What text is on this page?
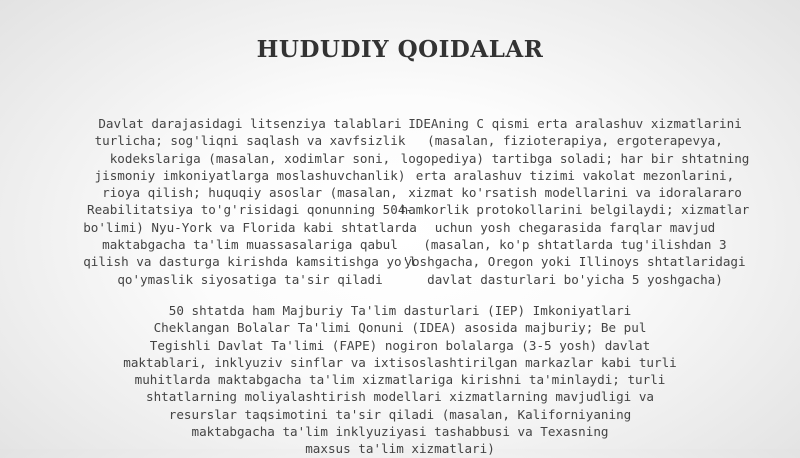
HUDUDIY QOIDALAR
Davlat darajasidagi litsenziya talablari
turlicha; sog'liqni saqlash va xavfsizlik
kodekslariga (masalan, xodimlar soni,
jismoniy imkoniyatlarga moslashuvchanlik)
rioya qilish; huquqiy asoslar (masalan,
Reabilitatsiya to'g'risidagi qonunning 504-
bo'limi) Nyu-York va Florida kabi shtatlarda
maktabgacha ta'lim muassasalariga qabul
qilish va dasturga kirishda kamsitishga yo'l
qo'ymaslik siyosatiga ta'sir qiladi
IDEAning C qismi erta aralashuv xizmatlarini
(masalan, fizioterapiya, ergoterapevya,
logopediya) tartibga soladi; har bir shtatning
erta aralashuv tizimi vakolat mezonlarini,
xizmat ko'rsatish modellarini va idoralararo
hamkorlik protokollarini belgilaydi; xizmatlar
uchun yosh chegarasida farqlar mavjud
(masalan, ko'p shtatlarda tug'ilishdan 3
yoshgacha, Oregon yoki Illinoys shtatlaridagi
davlat dasturlari bo'yicha 5 yoshgacha)
50 shtatda ham Majburiy Ta'lim dasturlari (IEP) Imkoniyatlari
Cheklangan Bolalar Ta'limi Qonuni (IDEA) asosida majburiy; Be pul
Tegishli Davlat Ta'limi (FAPE) nogiron bolalarga (3-5 yosh) davlat
maktablari, inklyuziv sinflar va ixtisoslashtirilgan markazlar kabi turli
muhitlarda maktabgacha ta'lim xizmatlariga kirishni ta'minlaydi; turli
shtatlarning moliyalashtirish modellari xizmatlarning mavjudligi va
resurslar taqsimotini ta'sir qiladi (masalan, Kaliforniyaning
maktabgacha ta'lim inklyuziyasi tashabbusi va Texasning
maxsus ta'lim xizmatlari)
